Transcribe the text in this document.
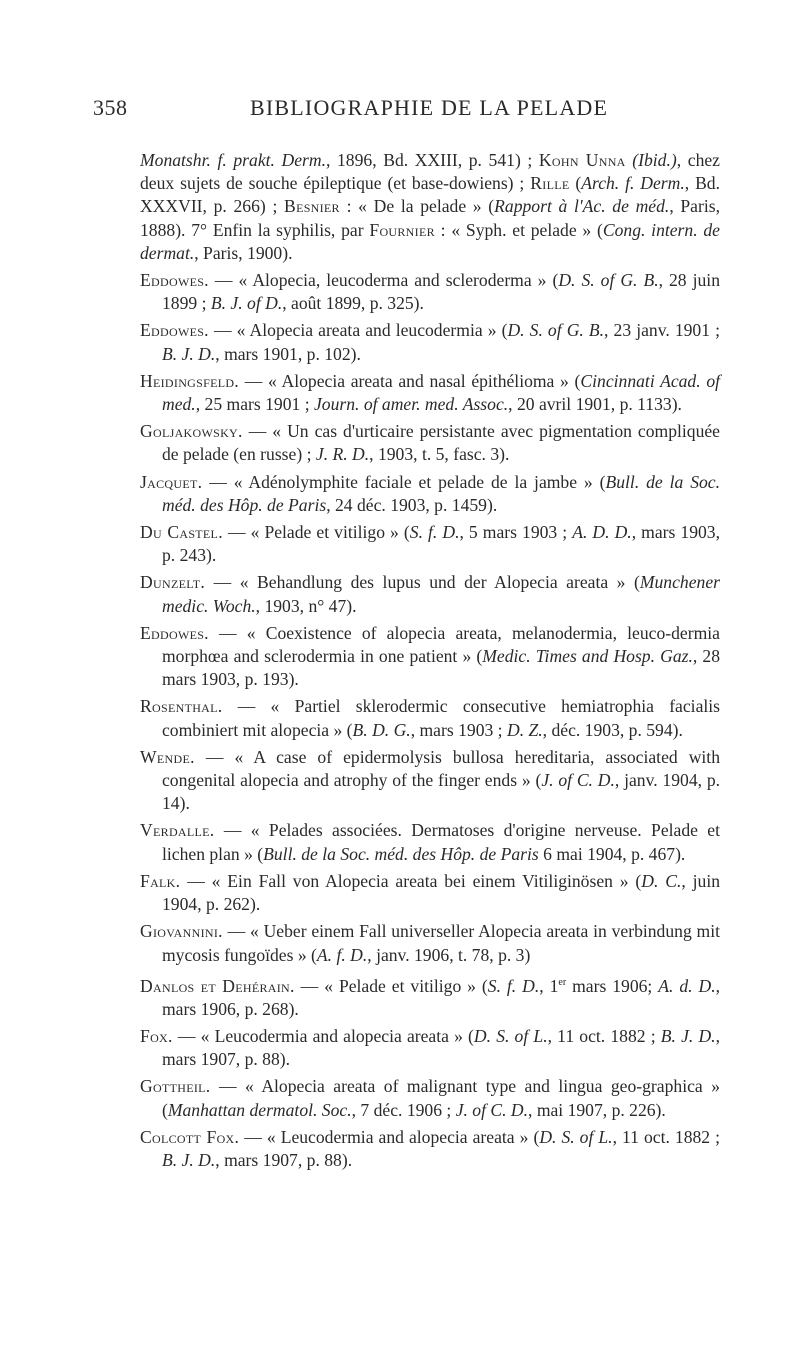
358	BIBLIOGRAPHIE DE LA PELADE

Monatshr. f. prakt. Derm., 1896, Bd. XXIII, p. 541) ; Kohn Unna (Ibid.), chez deux sujets de souche épileptique (et base-dowiens) ; Rille (Arch. f. Derm., Bd. XXXVII, p. 266) ; Besnier : « De la pelade » (Rapport à l'Ac. de méd., Paris, 1888). 7° Enfin la syphilis, par Fournier : « Syph. et pelade » (Cong. intern. de dermat., Paris, 1900).

Eddowes. — « Alopecia, leucoderma and scleroderma » (D. S. of G. B., 28 juin 1899 ; B. J. of D., août 1899, p. 325).

Eddowes. — « Alopecia areata and leucodermia » (D. S. of G. B., 23 janv. 1901 ; B. J. D., mars 1901, p. 102).

Heidingsfeld. — « Alopecia areata and nasal épithélioma » (Cincinnati Acad. of med., 25 mars 1901 ; Journ. of amer. med. Assoc., 20 avril 1901, p. 1133).

Goljakowsky. — « Un cas d'urticaire persistante avec pigmentation compliquée de pelade (en russe) ; J. R. D., 1903, t. 5, fasc. 3).

Jacquet. — « Adénolymphite faciale et pelade de la jambe » (Bull. de la Soc. méd. des Hôp. de Paris, 24 déc. 1903, p. 1459).

Du Castel. — « Pelade et vitiligo » (S. f. D., 5 mars 1903 ; A. D. D., mars 1903, p. 243).

Dunzelt. — « Behandlung des lupus und der Alopecia areata » (Munchener medic. Woch., 1903, n° 47).

Eddowes. — « Coexistence of alopecia areata, melanodermia, leuco-dermia morphœa and sclerodermia in one patient » (Medic. Times and Hosp. Gaz., 28 mars 1903, p. 193).

Rosenthal. — « Partiel sklerodermic consecutive hemiatrophia facialis combiniert mit alopecia » (B. D. G., mars 1903 ; D. Z., déc. 1903, p. 594).

Wende. — « A case of epidermolysis bullosa hereditaria, associated with congenital alopecia and atrophy of the finger ends » (J. of C. D., janv. 1904, p. 14).

Verdalle. — « Pelades associées. Dermatoses d'origine nerveuse. Pelade et lichen plan » (Bull. de la Soc. méd. des Hôp. de Paris 6 mai 1904, p. 467).

Falk. — « Ein Fall von Alopecia areata bei einem Vitiliginösen » (D. C., juin 1904, p. 262).

Giovannini. — « Ueber einem Fall universeller Alopecia areata in verbindung mit mycosis fungoïdes » (A. f. D., janv. 1906, t. 78, p. 3)

Danlos et Dehérain. — « Pelade et vitiligo » (S. f. D., 1er mars 1906; A. d. D., mars 1906, p. 268).

Fox. — « Leucodermia and alopecia areata » (D. S. of L., 11 oct. 1882 ; B. J. D., mars 1907, p. 88).

Gottheil. — « Alopecia areata of malignant type and lingua geo-graphica » (Manhattan dermatol. Soc., 7 déc. 1906 ; J. of C. D., mai 1907, p. 226).

Colcott Fox. — « Leucodermia and alopecia areata » (D. S. of L., 11 oct. 1882 ; B. J. D., mars 1907, p. 88).
